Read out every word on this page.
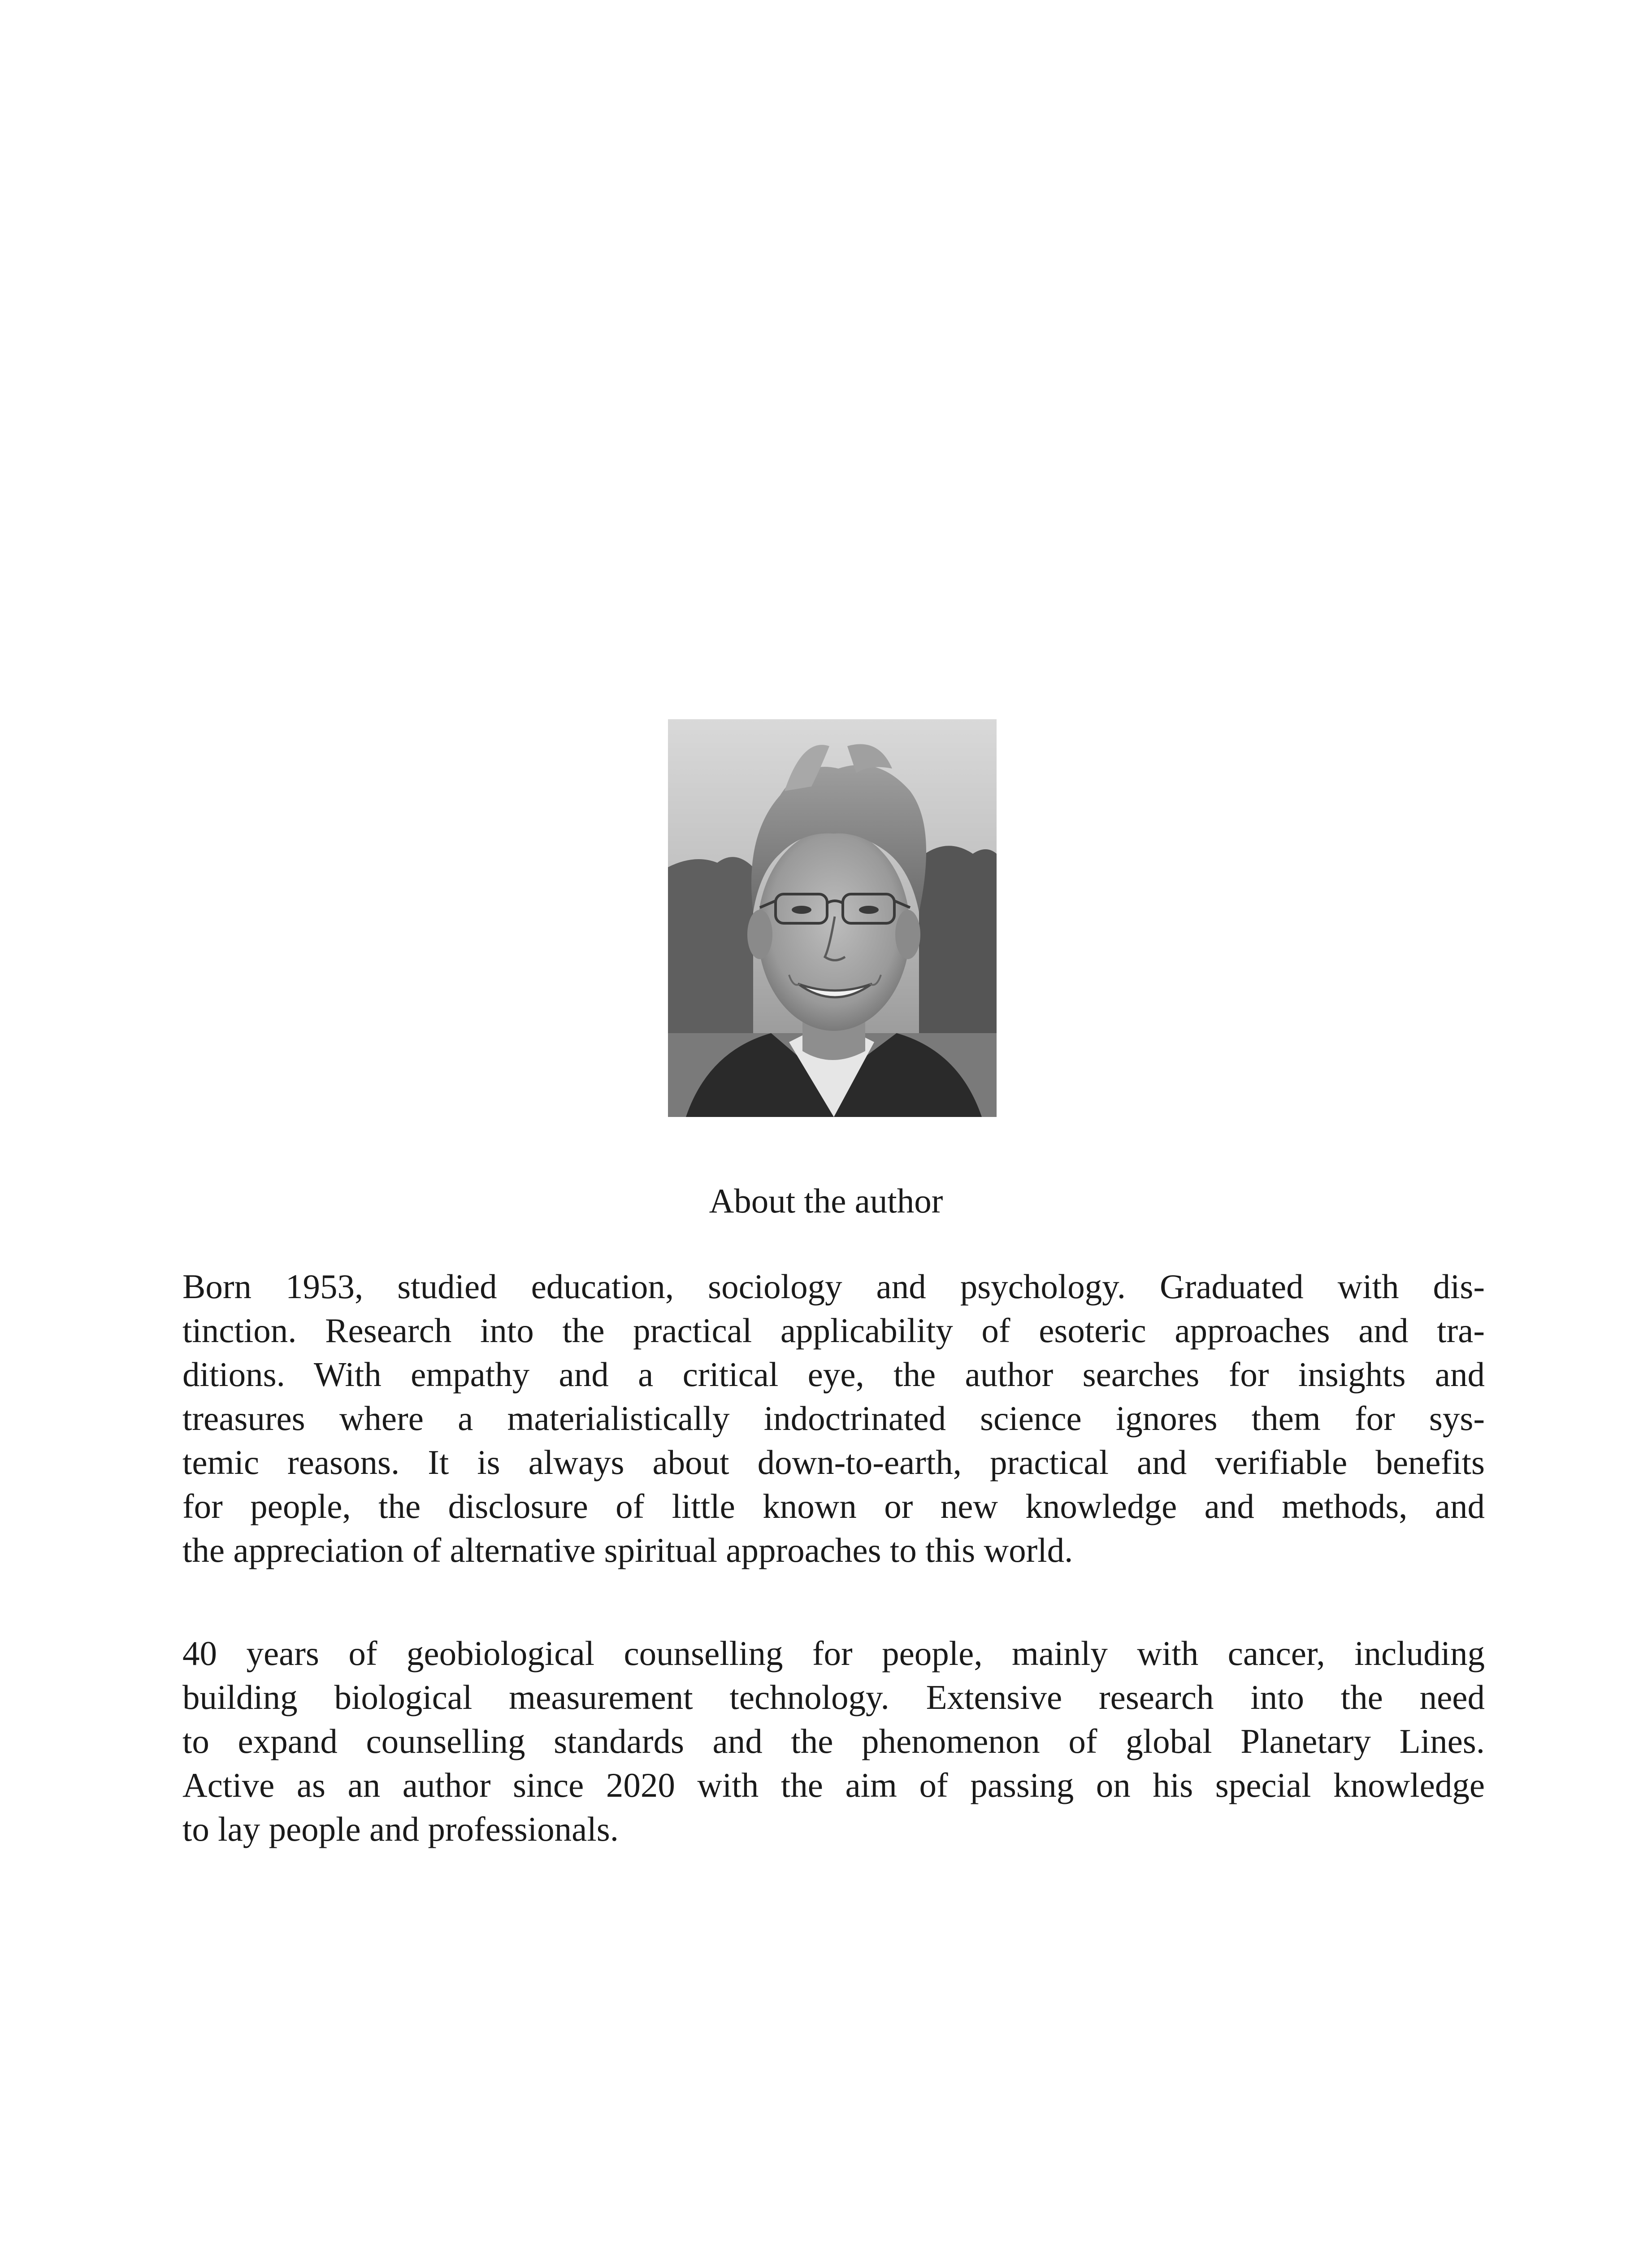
About the author
Born 1953, studied education, sociology and psychology. Graduated with dis-
tinction. Research into the practical applicability of esoteric approaches and tra-
ditions. With empathy and a critical eye, the author searches for insights and
treasures where a materialistically indoctrinated science ignores them for sys-
temic reasons. It is always about down-to-earth, practical and verifiable benefits
for people, the disclosure of little known or new knowledge and methods, and
the appreciation of alternative spiritual approaches to this world.
40 years of geobiological counselling for people, mainly with cancer, including
building biological measurement technology. Extensive research into the need
to expand counselling standards and the phenomenon of global Planetary Lines.
Active as an author since 2020 with the aim of passing on his special knowledge
to lay people and professionals.
